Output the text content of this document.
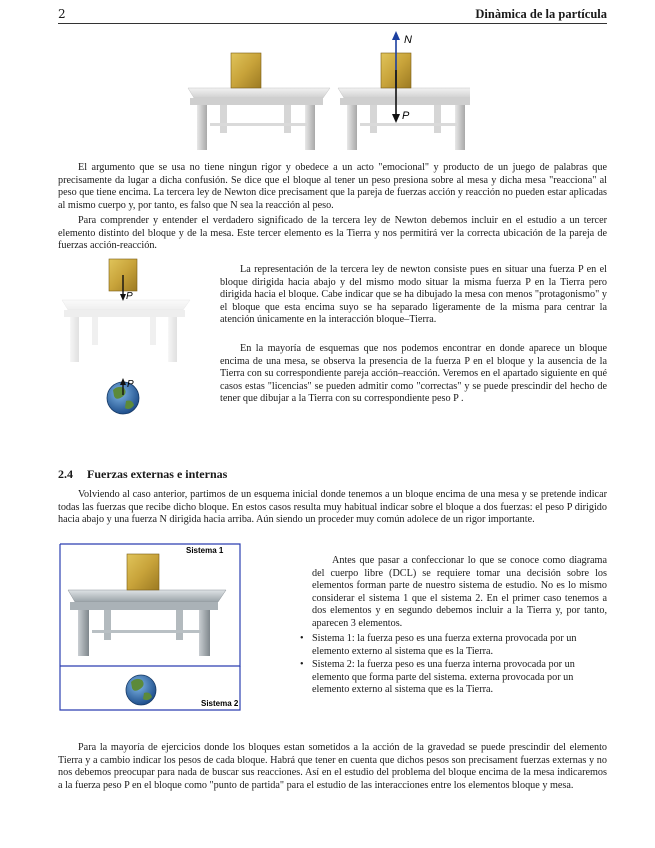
2	Dinàmica de la partícula
N
P

El argumento que se usa no tiene ningun rigor y obedece a un acto "emocional" y producto de un juego de palabras que precisamente da lugar a dicha confusión. Se dice que el bloque al tener un peso presiona sobre al mesa y dicha mesa "reacciona" al peso que tiene encima. La tercera ley de Newton dice precisament que la pareja de fuerzas acción y reacción no pueden estar aplicadas al mismo cuerpo y, por tanto, es falso que N sea la reacción al peso.

Para comprender y entender el verdadero significado de la tercera ley de Newton debemos incluir en el estudio a un tercer elemento distinto del bloque y de la mesa. Este tercer elemento es la Tierra y nos permitirá ver la correcta ubicación de la pareja de fuerzas acción-reacción.

P
P

La representación de la tercera ley de newton consiste pues en situar una fuerza P en el bloque dirigida hacia abajo y del mismo modo situar la misma fuerza P en la Tierra pero dirigida hacia el bloque. Cabe indicar que se ha dibujado la mesa con menos "protagonismo" y el bloque que esta encima suyo se ha separado ligeramente de la misma para centrar la atención únicamente en la interacción bloque–Tierra.

En la mayoría de esquemas que nos podemos encontrar en donde aparece un bloque encima de una mesa, se observa la presencia de la fuerza P en el bloque y la ausencia de la Tierra con su correspondiente pareja acción–reacción. Veremos en el apartado siguiente en qué casos estas "licencias" se pueden admitir como "correctas" y se puede prescindir del hecho de tener que dibujar a la Tierra con su correspondiente peso P .

2.4 Fuerzas externas e internas

Volviendo al caso anterior, partimos de un esquema inicial donde tenemos a un bloque encima de una mesa y se pretende indicar todas las fuerzas que recibe dicho bloque. En estos casos resulta muy habitual indicar sobre el bloque a dos fuerzas: el peso P dirigido hacia abajo y una fuerza N dirigida hacia arriba. Aún siendo un proceder muy común adolece de un rigor importante.

Sistema 1
Sistema 2

Antes que pasar a confeccionar lo que se conoce como diagrama del cuerpo libre (DCL) se requiere tomar una decisión sobre los elementos forman parte de nuestro sistema de estudio. No es lo mismo considerar el sistema 1 que el sistema 2. En el primer caso tenemos a dos elementos y en segundo debemos incluir a la Tierra y, por tanto, aparecen 3 elementos.

• Sistema 1: la fuerza peso es una fuerza externa provocada por un elemento externo al sistema que es la Tierra.
• Sistema 2: la fuerza peso es una fuerza interna provocada por un elemento que forma parte del sistema. externa provocada por un elemento externo al sistema que es la Tierra.

Para la mayoría de ejercicios donde los bloques estan sometidos a la acción de la gravedad se puede prescindir del elemento Tierra y a cambio indicar los pesos de cada bloque. Habrá que tener en cuenta que dichos pesos son precisament fuerzas externas y no nos debemos preocupar para nada de buscar sus reacciones. Así en el estudio del problema del bloque encima de la mesa indicaremos a la fuerza peso P en el bloque como "punto de partida" para el estudio de las interacciones entre los elementos bloque y mesa.
